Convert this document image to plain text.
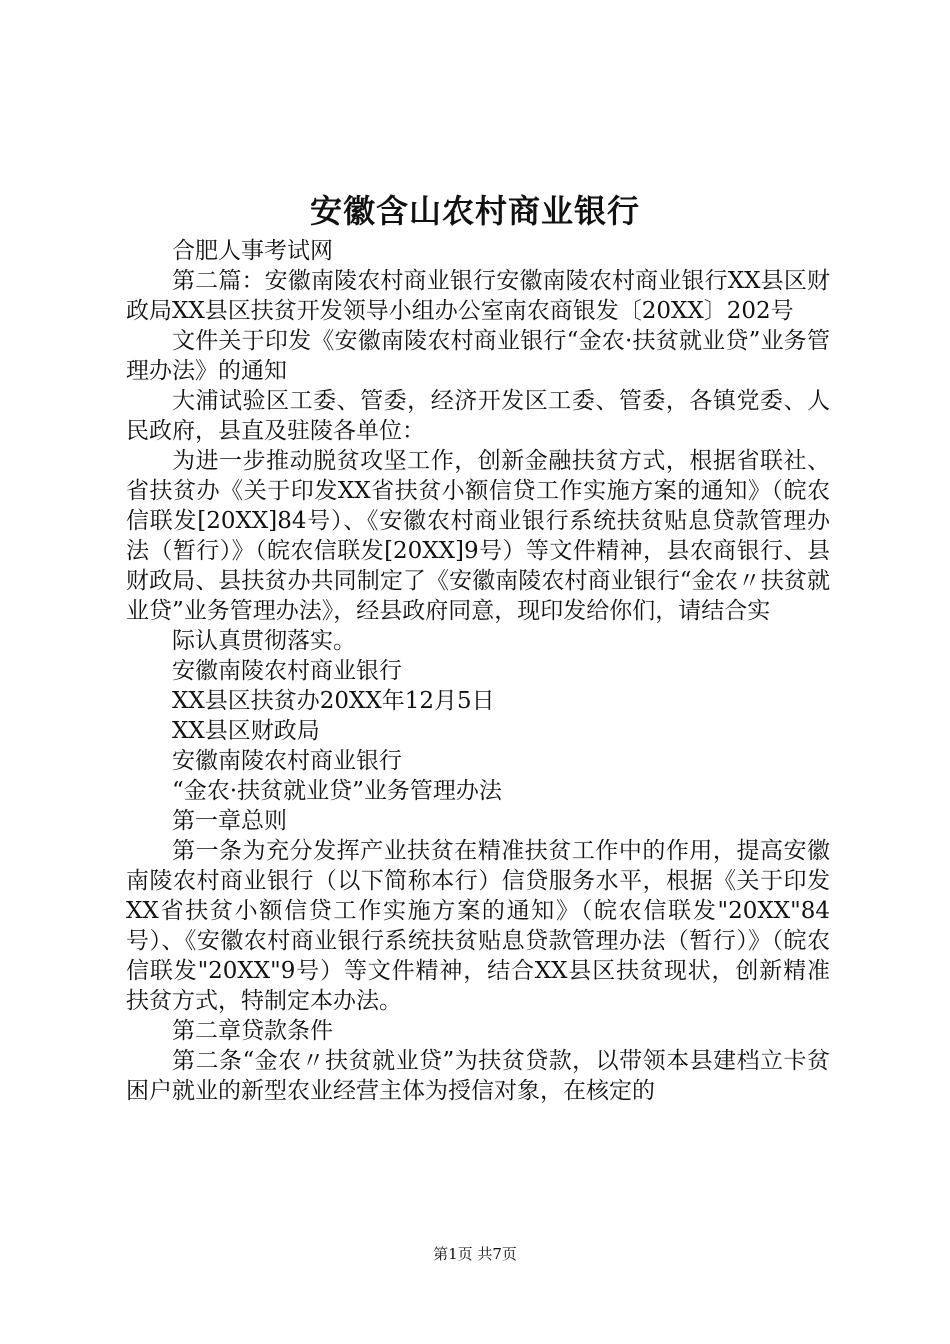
安徽含山农村商业银行

合肥人事考试网

第二篇：安徽南陵农村商业银行安徽南陵农村商业银行XX县区财政局XX县区扶贫开发领导小组办公室南农商银发〔20XX〕202号

文件关于印发《安徽南陵农村商业银行“金农·扶贫就业贷”业务管理办法》的通知

大浦试验区工委、管委，经济开发区工委、管委，各镇党委、人民政府，县直及驻陵各单位：

为进一步推动脱贫攻坚工作，创新金融扶贫方式，根据省联社、省扶贫办《关于印发XX省扶贫小额信贷工作实施方案的通知》（皖农信联发[20XX]84号）、《安徽农村商业银行系统扶贫贴息贷款管理办法（暂行）》（皖农信联发[20XX]9号）等文件精神，县农商银行、县财政局、县扶贫办共同制定了《安徽南陵农村商业银行“金农〃扶贫就业贷”业务管理办法》，经县政府同意，现印发给你们，请结合实

际认真贯彻落实。

安徽南陵农村商业银行

XX县区扶贫办20XX年12月5日

XX县区财政局

安徽南陵农村商业银行

“金农·扶贫就业贷”业务管理办法

第一章总则

第一条为充分发挥产业扶贫在精准扶贫工作中的作用，提高安徽南陵农村商业银行（以下简称本行）信贷服务水平，根据《关于印发XX省扶贫小额信贷工作实施方案的通知》（皖农信联发"20XX"84号）、《安徽农村商业银行系统扶贫贴息贷款管理办法（暂行）》（皖农信联发"20XX"9号）等文件精神，结合XX县区扶贫现状，创新精准扶贫方式，特制定本办法。

第二章贷款条件

第二条“金农〃扶贫就业贷”为扶贫贷款，以带领本县建档立卡贫困户就业的新型农业经营主体为授信对象，在核定的

第1页 共7页
